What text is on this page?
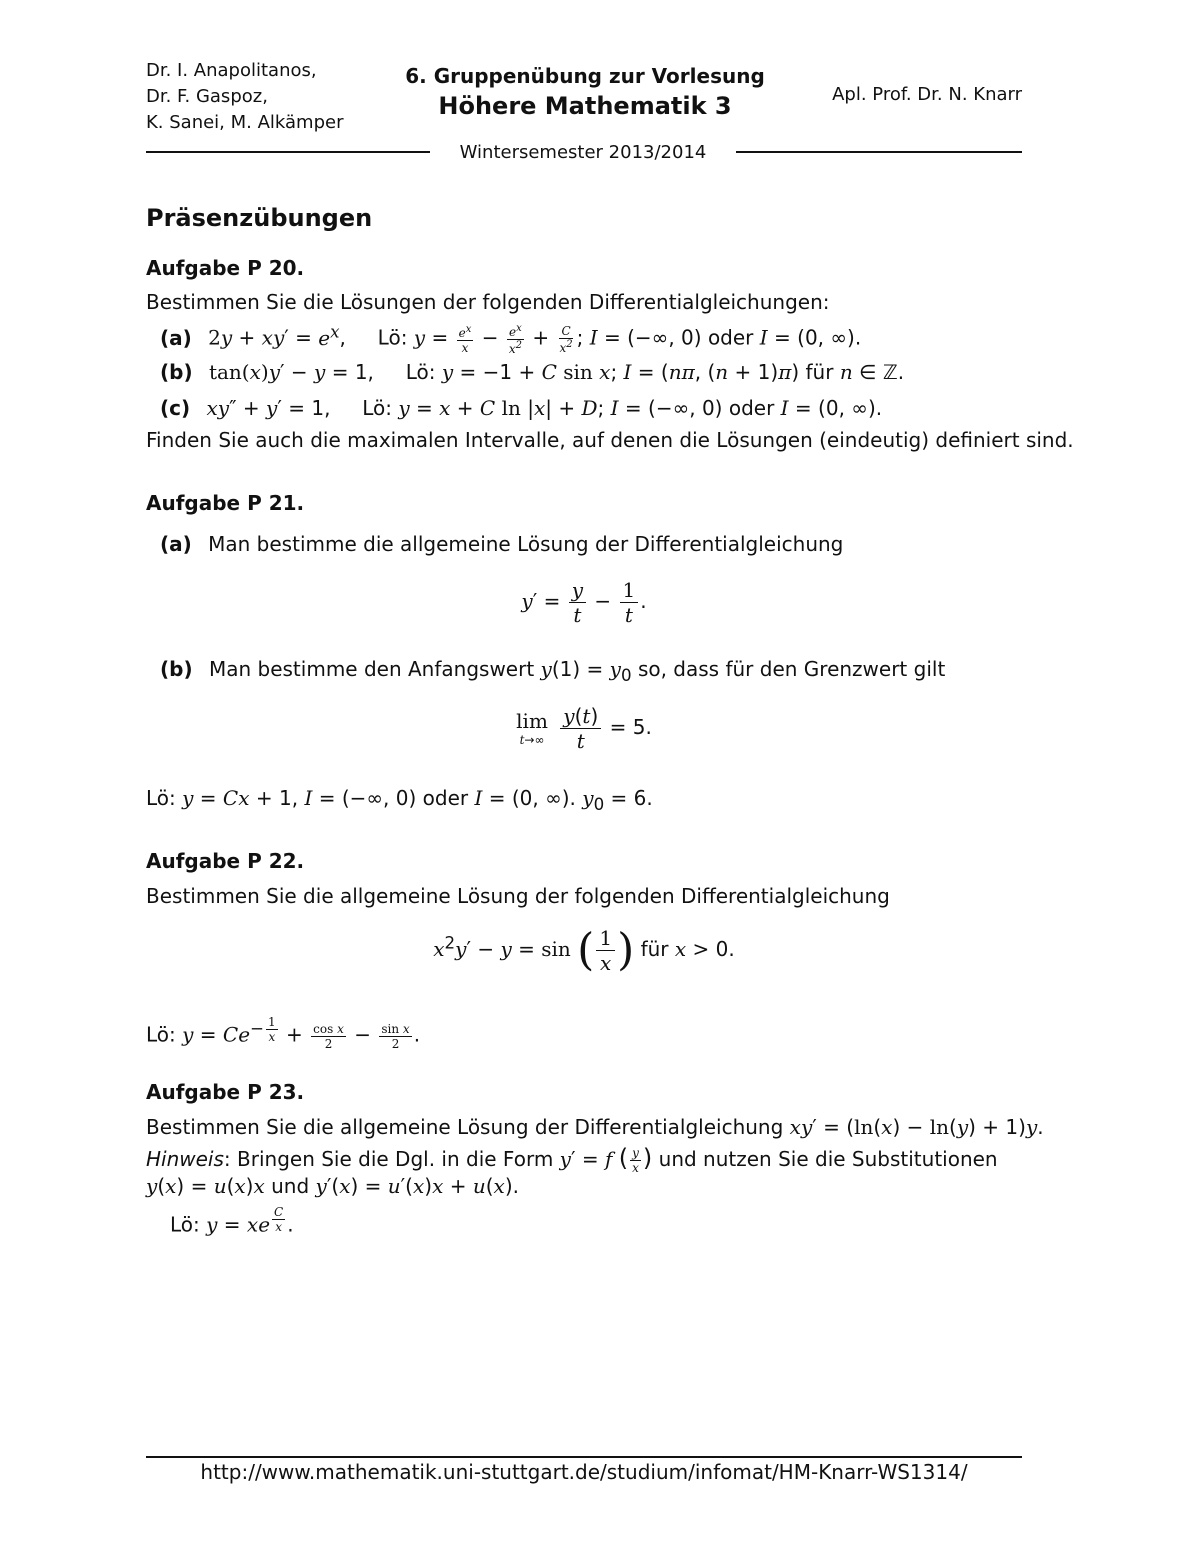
Dr. I. Anapolitanos,
Dr. F. Gaspoz,
K. Sanei, M. Alkämper
6. Gruppenübung zur Vorlesung
Höhere Mathematik 3	Apl. Prof. Dr. N. Knarr
Wintersemester 2013/2014
Präsenzübungen
Aufgabe P 20.
Bestimmen Sie die Lösungen der folgenden Differentialgleichungen:
(a) $2y + xy' = e^x$,     Lö: $y = \frac{e^x}{x} - \frac{e^x}{x^2} + \frac{C}{x^2}$ ; I = (−∞, 0) oder I = (0, ∞).
(b) tan(x)y′ − y = 1,     Lö: y = −1 + C sin x; I = (nπ, (n + 1)π) für n ∈ ℤ.
(c) xy″ + y′ = 1,     Lö: y = x + C ln |x| + D; I = (−∞, 0) oder I = (0, ∞).
Finden Sie auch die maximalen Intervalle, auf denen die Lösungen (eindeutig) definiert sind.
Aufgabe P 21.
(a) Man bestimme die allgemeine Lösung der Differentialgleichung
$y' = \frac{y}{t} - \frac{1}{t}$ .
(b) Man bestimme den Anfangswert $y(1) = y_0$ so, dass für den Grenzwert gilt
lim
t→∞
$\frac{y(t)}{t} = 5$.
Lö: y = Cx + 1, I = (−∞, 0) oder I = (0, ∞). $y_0 = 6$.
Aufgabe P 22.
Bestimmen Sie die allgemeine Lösung der folgenden Differentialgleichung
$x^2y' - y = \sin$ ( $\frac{1}{x}$ ) für x > 0.
Lö: $y = Ce^{- \frac{1}{x}} + \frac{\text{cos x}}{2} - \frac{\text{sin x}}{2}$ .
Aufgabe P 23.
Bestimmen Sie die allgemeine Lösung der Differentialgleichung xy′ = (ln(x) − ln(y) + 1)y.
Hinweis: Bringen Sie die Dgl. in die Form y′ = f ( $\frac{y}{x}$ ) und nutzen Sie die Substitutionen
y(x) = u(x)x und y′(x) = u′(x)x + u(x).
Lö: y = xe $^{\frac{C}{x}}$ .
http://www.mathematik.uni-stuttgart.de/studium/infomat/HM-Knarr-WS1314/
